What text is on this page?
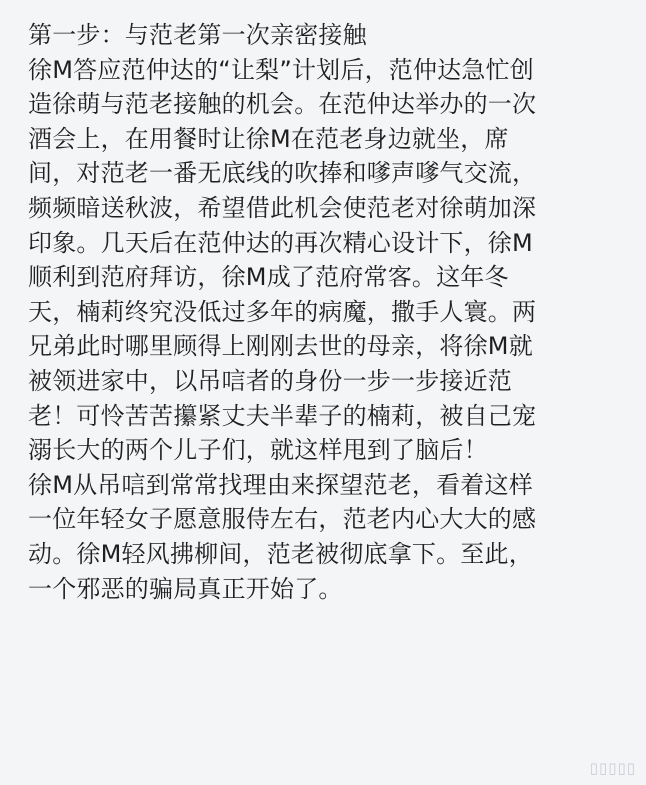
第一步：与范老第一次亲密接触
徐M答应范仲达的“让梨”计划后，范仲达急忙创
造徐萌与范老接触的机会。在范仲达举办的一次
酒会上，在用餐时让徐M在范老身边就坐，席
间，对范老一番无底线的吹捧和嗲声嗲气交流，
频频暗送秋波，希望借此机会使范老对徐萌加深
印象。几天后在范仲达的再次精心设计下，徐M
顺利到范府拜访，徐M成了范府常客。这年冬
天，楠莉终究没低过多年的病魔，撒手人寰。两
兄弟此时哪里顾得上刚刚去世的母亲，将徐M就
被领进家中，以吊唁者的身份一步一步接近范
老！可怜苦苦攥紧丈夫半辈子的楠莉，被自己宠
溺长大的两个儿子们，就这样甩到了脑后！
徐M从吊唁到常常找理由来探望范老，看着这样
一位年轻女子愿意服侍左右，范老内心大大的感
动。徐M轻风拂柳间，范老被彻底拿下。至此，
一个邪恶的骗局真正开始了。
▯▯▯▯▯
